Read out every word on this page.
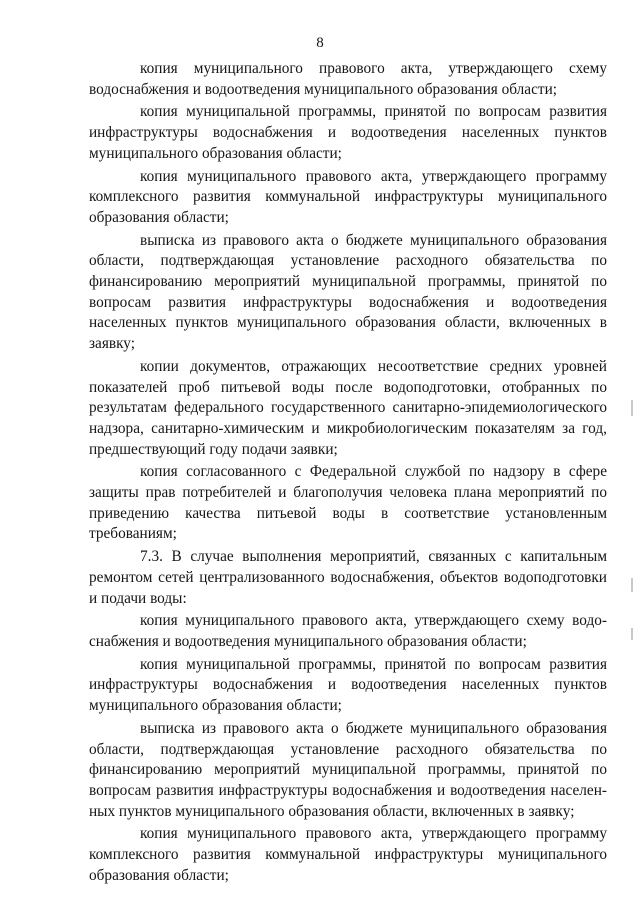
8

копия муниципального правового акта, утверждающего схему водоснабжения и водоотведения муниципального образования области;

копия муниципальной программы, принятой по вопросам развития инфраструктуры водоснабжения и водоотведения населенных пунктов муниципального образования области;

копия муниципального правового акта, утверждающего программу комплексного развития коммунальной инфраструктуры муниципального образования области;

выписка из правового акта о бюджете муниципального образования области, подтверждающая установление расходного обязательства по финансированию мероприятий муниципальной программы, принятой по вопросам развития инфраструктуры водоснабжения и водоотведения населенных пунктов муниципального образования области, включенных в заявку;

копии документов, отражающих несоответствие средних уровней показателей проб питьевой воды после водоподготовки, отобранных по результатам федерального государственного санитарно-эпидемиологического надзора, санитарно-химическим и микробиологическим показателям за год, предшествующий году подачи заявки;

копия согласованного с Федеральной службой по надзору в сфере защиты прав потребителей и благополучия человека плана мероприятий по приведению качества питьевой воды в соответствие установленным требованиям;

7.3. В случае выполнения мероприятий, связанных с капитальным ремонтом сетей централизованного водоснабжения, объектов водоподготовки и подачи воды:

копия муниципального правового акта, утверждающего схему водоснабжения и водоотведения муниципального образования области;

копия муниципальной программы, принятой по вопросам развития инфраструктуры водоснабжения и водоотведения населенных пунктов муниципального образования области;

выписка из правового акта о бюджете муниципального образования области, подтверждающая установление расходного обязательства по финансированию мероприятий муниципальной программы, принятой по вопросам развития инфраструктуры водоснабжения и водоотведения населенных пунктов муниципального образования области, включенных в заявку;

копия муниципального правового акта, утверждающего программу комплексного развития коммунальной инфраструктуры муниципального образования области;
